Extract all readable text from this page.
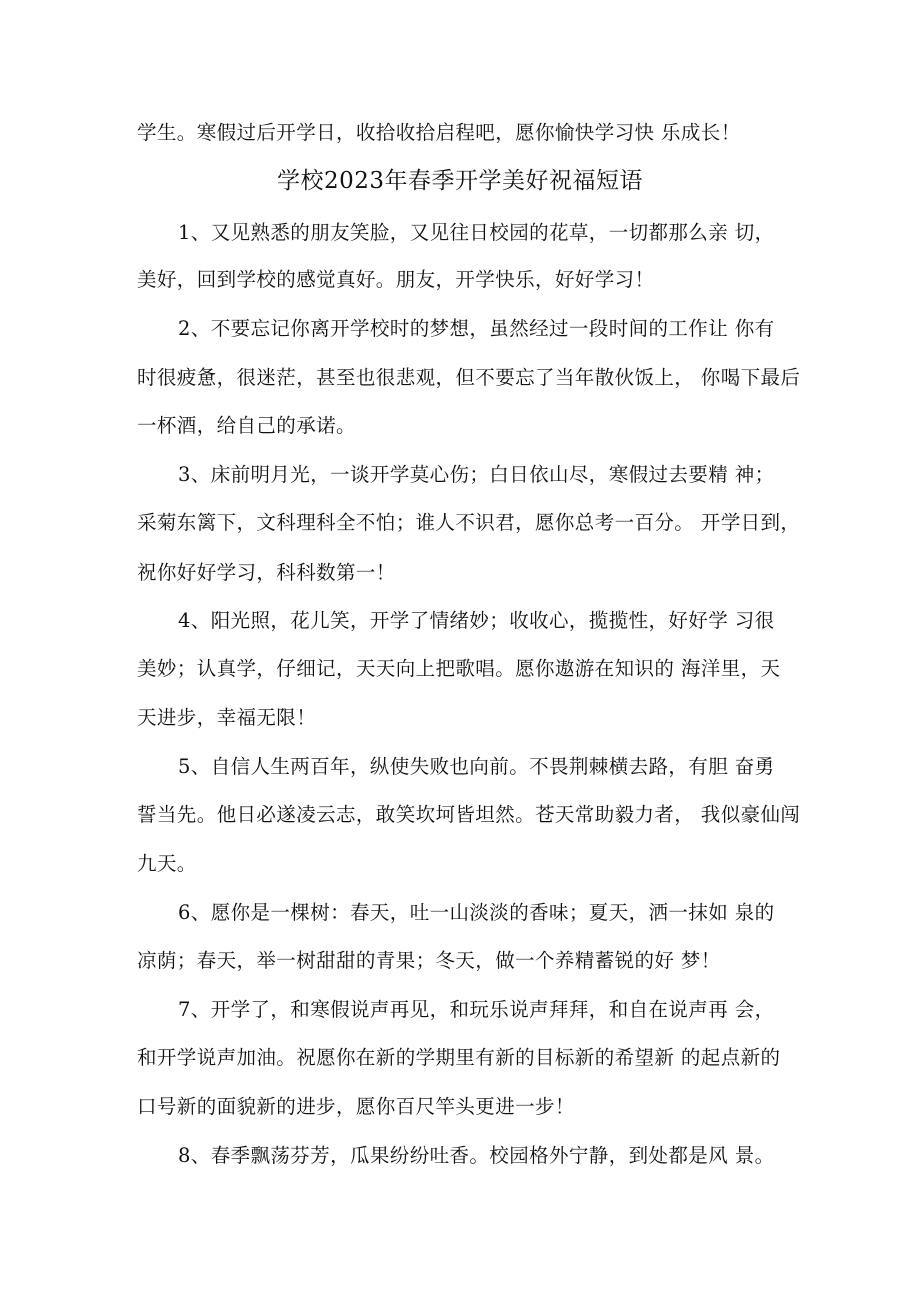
学生。寒假过后开学日，收拾收拾启程吧，愿你愉快学习快 乐成长！
学校2023年春季开学美好祝福短语
1、又见熟悉的朋友笑脸，又见往日校园的花草，一切都那么亲 切，
美好，回到学校的感觉真好。朋友，开学快乐，好好学习！
2、不要忘记你离开学校时的梦想，虽然经过一段时间的工作让 你有
时很疲惫，很迷茫，甚至也很悲观，但不要忘了当年散伙饭上， 你喝下最后
一杯酒，给自己的承诺。
3、床前明月光，一谈开学莫心伤；白日依山尽，寒假过去要精 神；
采菊东篱下，文科理科全不怕；谁人不识君，愿你总考一百分。 开学日到，
祝你好好学习，科科数第一！
4、阳光照，花儿笑，开学了情绪妙；收收心，揽揽性，好好学 习很
美妙；认真学，仔细记，天天向上把歌唱。愿你遨游在知识的 海洋里，天
天进步，幸福无限！
5、自信人生两百年，纵使失败也向前。不畏荆棘横去路，有胆 奋勇
誓当先。他日必遂凌云志，敢笑坎坷皆坦然。苍天常助毅力者， 我似豪仙闯
九天。
6、愿你是一棵树：春天，吐一山淡淡的香味；夏天，洒一抹如 泉的
凉荫；春天，举一树甜甜的青果；冬天，做一个养精蓄锐的好 梦！
7、开学了，和寒假说声再见，和玩乐说声拜拜，和自在说声再 会，
和开学说声加油。祝愿你在新的学期里有新的目标新的希望新 的起点新的
口号新的面貌新的进步，愿你百尺竿头更进一步！
8、春季飘荡芬芳，瓜果纷纷吐香。校园格外宁静，到处都是风 景。
